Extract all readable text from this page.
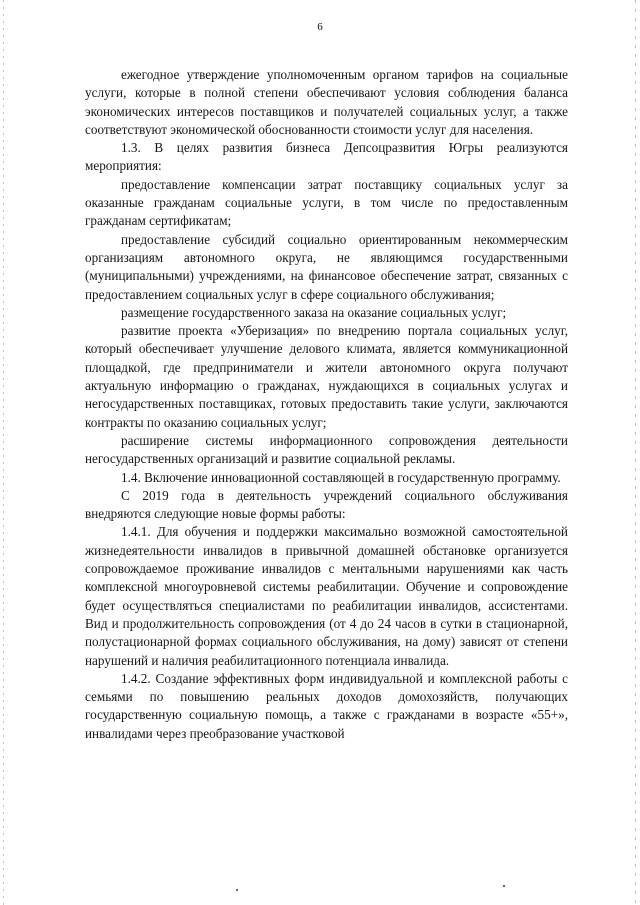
6

ежегодное утверждение уполномоченным органом тарифов на социальные услуги, которые в полной степени обеспечивают условия соблюдения баланса экономических интересов поставщиков и получателей социальных услуг, а также соответствуют экономической обоснованности стоимости услуг для населения.

1.3. В целях развития бизнеса Депсоцразвития Югры реализуются мероприятия:

предоставление компенсации затрат поставщику социальных услуг за оказанные гражданам социальные услуги, в том числе по предоставленным гражданам сертификатам;

предоставление субсидий социально ориентированным некоммерческим организациям автономного округа, не являющимся государственными (муниципальными) учреждениями, на финансовое обеспечение затрат, связанных с предоставлением социальных услуг в сфере социального обслуживания;

размещение государственного заказа на оказание социальных услуг;

развитие проекта «Уберизация» по внедрению портала социальных услуг, который обеспечивает улучшение делового климата, является коммуникационной площадкой, где предприниматели и жители автономного округа получают актуальную информацию о гражданах, нуждающихся в социальных услугах и негосударственных поставщиках, готовых предоставить такие услуги, заключаются контракты по оказанию социальных услуг;

расширение системы информационного сопровождения деятельности негосударственных организаций и развитие социальной рекламы.

1.4. Включение инновационной составляющей в государственную программу.

С 2019 года в деятельность учреждений социального обслуживания внедряются следующие новые формы работы:

1.4.1. Для обучения и поддержки максимально возможной самостоятельной жизнедеятельности инвалидов в привычной домашней обстановке организуется сопровождаемое проживание инвалидов с ментальными нарушениями как часть комплексной многоуровневой системы реабилитации. Обучение и сопровождение будет осуществляться специалистами по реабилитации инвалидов, ассистентами. Вид и продолжительность сопровождения (от 4 до 24 часов в сутки в стационарной, полустационарной формах социального обслуживания, на дому) зависят от степени нарушений и наличия реабилитационного потенциала инвалида.

1.4.2. Создание эффективных форм индивидуальной и комплексной работы с семьями по повышению реальных доходов домохозяйств, получающих государственную социальную помощь, а также с гражданами в возрасте «55+», инвалидами через преобразование участковой
